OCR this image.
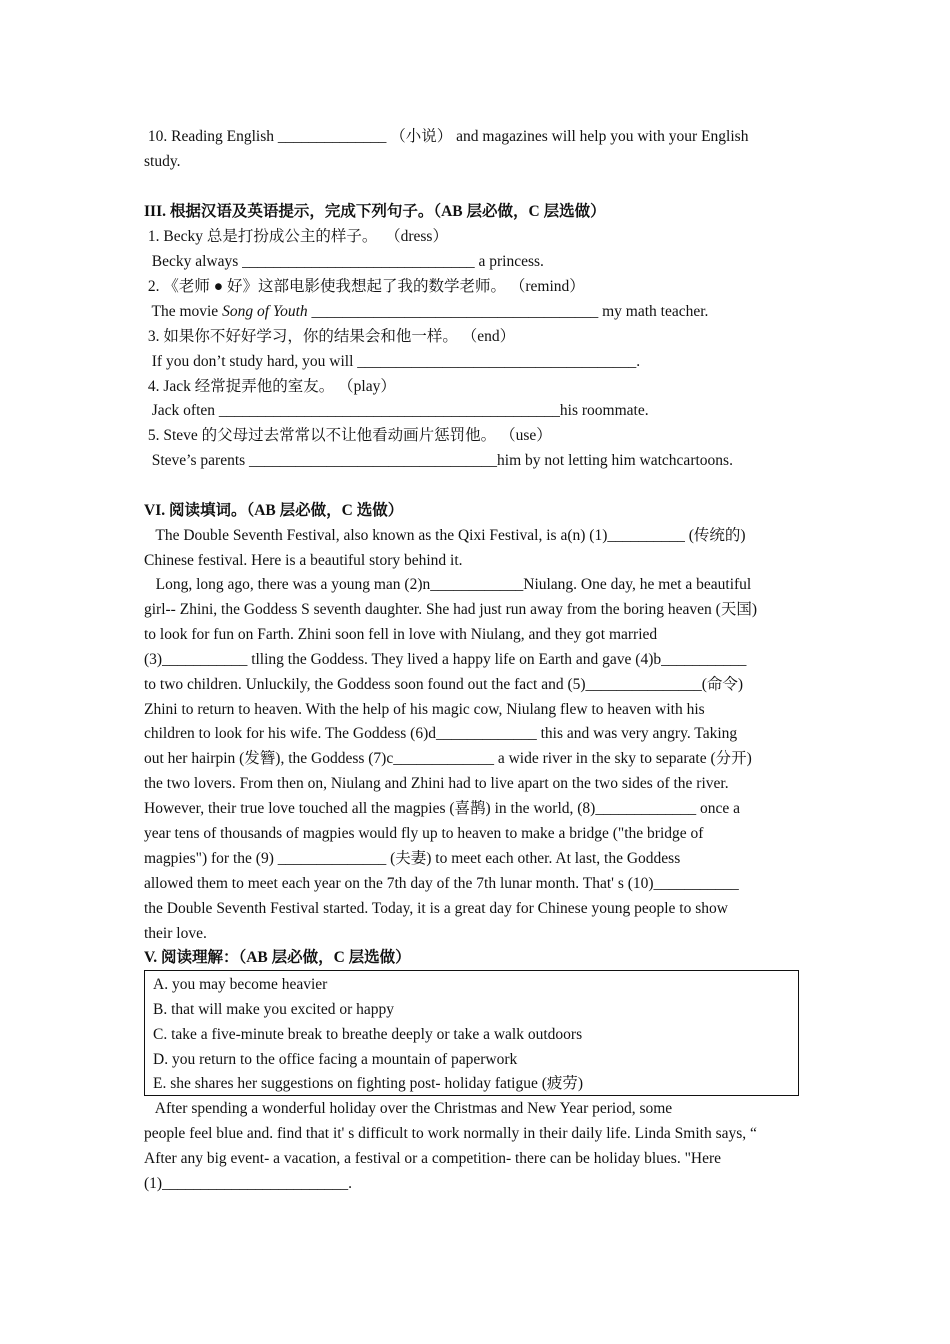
10. Reading English ______________ （小说） and magazines will help you with your English

study.

III. 根据汉语及英语提示，完成下列句子。（AB 层必做，C 层选做）

1. Becky 总是打扮成公主的样子。  （dress）

Becky always ______________________________ a princess.

2. 《老师 ● 好》这部电影使我想起了我的数学老师。 （remind）

The movie Song of Youth _____________________________________ my math teacher.

3. 如果你不好好学习，你的结果会和他一样。 （end）

If you don’t study hard, you will ____________________________________.

4. Jack 经常捉弄他的室友。 （play）

Jack often ____________________________________________his roommate.

5. Steve 的父母过去常常以不让他看动画片惩罚他。 （use）

Steve’s parents ________________________________him by not letting him watchcartoons.

VI. 阅读填词。（AB 层必做，C 选做）

The Double Seventh Festival, also known as the Qixi Festival, is a(n) (1)__________ (传统的)

Chinese festival. Here is a beautiful story behind it.

Long, long ago, there was a young man (2)n____________Niulang. One day, he met a beautiful

girl-- Zhini, the Goddess S seventh daughter. She had just run away from the boring heaven (天国)

to look for fun on Farth. Zhini soon fell in love with Niulang, and they got married

(3)___________ tlling the Goddess. They lived a happy life on Earth and gave (4)b___________

to two children. Unluckily, the Goddess soon found out the fact and (5)_______________(命令)

Zhini to return to heaven. With the help of his magic cow, Niulang flew to heaven with his

children to look for his wife. The Goddess (6)d_____________ this and was very angry. Taking

out her hairpin (发簪), the Goddess (7)c_____________ a wide river in the sky to separate (分开)

the two lovers. From then on, Niulang and Zhini had to live apart on the two sides of the river.

However, their true love touched all the magpies (喜鹊) in the world, (8)_____________ once a

year tens of thousands of magpies would fly up to heaven to make a bridge ("the bridge of

magpies") for the (9) ______________ (夫妻) to meet each other. At last, the Goddess

allowed them to meet each year on the 7th day of the 7th lunar month. That' s (10)___________

the Double Seventh Festival started. Today, it is a great day for Chinese young people to show

their love.

V. 阅读理解：（AB 层必做，C 层选做）

A. you may become heavier
B. that will make you excited or happy
C. take a five-minute break to breathe deeply or take a walk outdoors
D. you return to the office facing a mountain of paperwork
E. she shares her suggestions on fighting post- holiday fatigue (疲劳)

After spending a wonderful holiday over the Christmas and New Year period, some

people feel blue and. find that it' s difficult to work normally in their daily life. Linda Smith says, “

After any big event- a vacation, a festival or a competition- there can be holiday blues. "Here

(1)________________________.
